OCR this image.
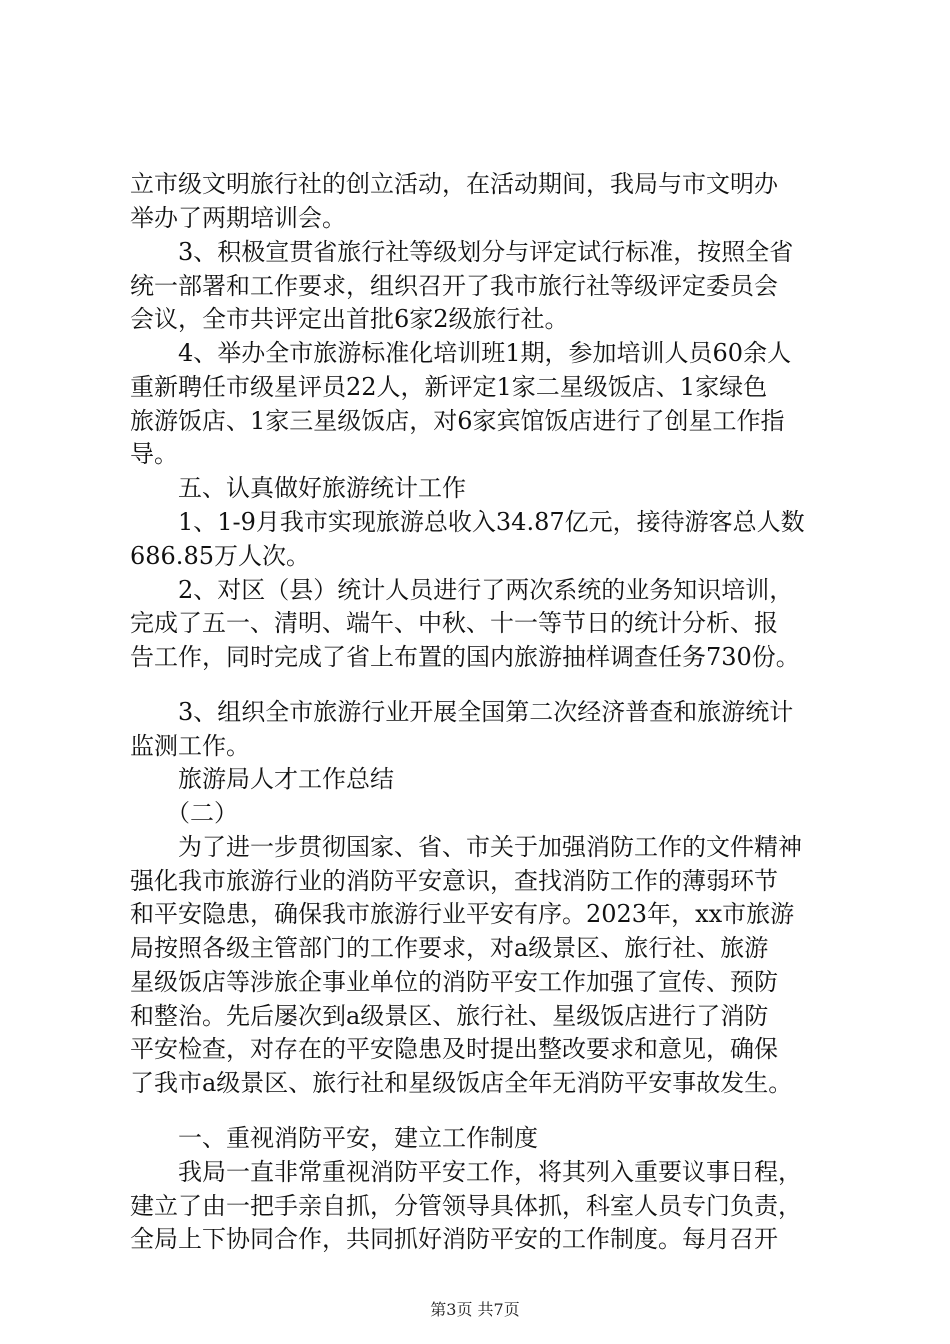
立市级文明旅行社的创立活动，在活动期间，我局与市文明办
举办了两期培训会。
3、积极宣贯省旅行社等级划分与评定试行标准，按照全省
统一部署和工作要求，组织召开了我市旅行社等级评定委员会
会议，全市共评定出首批6家2级旅行社。
4、举办全市旅游标准化培训班1期，参加培训人员60余人
重新聘任市级星评员22人，新评定1家二星级饭店、1家绿色
旅游饭店、1家三星级饭店，对6家宾馆饭店进行了创星工作指
导。
五、认真做好旅游统计工作
1、1-9月我市实现旅游总收入34.87亿元，接待游客总人数
686.85万人次。
2、对区（县）统计人员进行了两次系统的业务知识培训，
完成了五一、清明、端午、中秋、十一等节日的统计分析、报
告工作，同时完成了省上布置的国内旅游抽样调查任务730份。
3、组织全市旅游行业开展全国第二次经济普查和旅游统计
监测工作。
旅游局人才工作总结
（二）
为了进一步贯彻国家、省、市关于加强消防工作的文件精神
强化我市旅游行业的消防平安意识，查找消防工作的薄弱环节
和平安隐患，确保我市旅游行业平安有序。2023年，xx市旅游
局按照各级主管部门的工作要求，对a级景区、旅行社、旅游
星级饭店等涉旅企事业单位的消防平安工作加强了宣传、预防
和整治。先后屡次到a级景区、旅行社、星级饭店进行了消防
平安检查，对存在的平安隐患及时提出整改要求和意见，确保
了我市a级景区、旅行社和星级饭店全年无消防平安事故发生。
一、重视消防平安，建立工作制度
我局一直非常重视消防平安工作，将其列入重要议事日程，
建立了由一把手亲自抓，分管领导具体抓，科室人员专门负责，
全局上下协同合作，共同抓好消防平安的工作制度。每月召开
第3页 共7页
